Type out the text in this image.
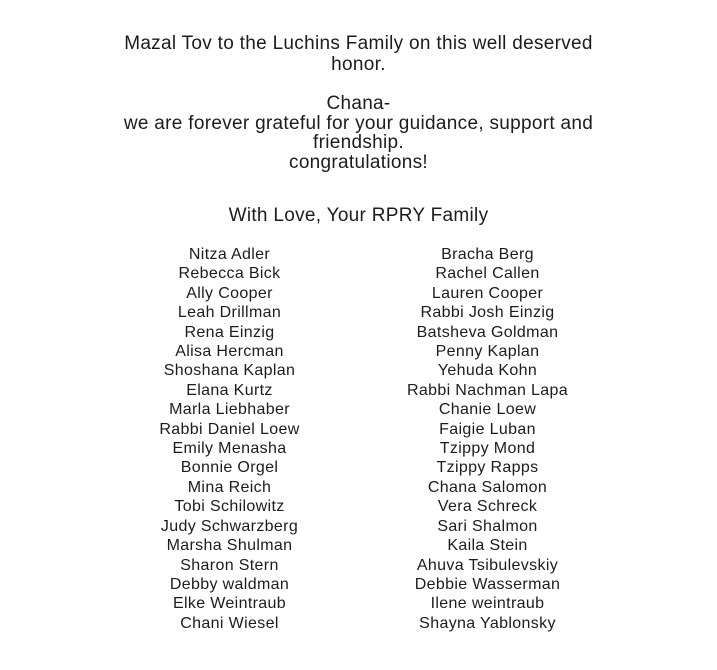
Mazal Tov to the Luchins Family on this well deserved
honor.
Chana-
we are forever grateful for your guidance, support and
friendship.
congratulations!
With Love, Your RPRY Family
Nitza Adler
Rebecca Bick
Ally Cooper
Leah Drillman
Rena Einzig
Alisa Hercman
Shoshana Kaplan
Elana Kurtz
Marla Liebhaber
Rabbi Daniel Loew
Emily Menasha
Bonnie Orgel
Mina Reich
Tobi Schilowitz
Judy Schwarzberg
Marsha Shulman
Sharon Stern
Debby waldman
Elke Weintraub
Chani Wiesel
Bracha Berg
Rachel Callen
Lauren Cooper
Rabbi Josh Einzig
Batsheva Goldman
Penny Kaplan
Yehuda Kohn
Rabbi Nachman Lapa
Chanie Loew
Faigie Luban
Tzippy Mond
Tzippy Rapps
Chana Salomon
Vera Schreck
Sari Shalmon
Kaila Stein
Ahuva Tsibulevskiy
Debbie Wasserman
Ilene weintraub
Shayna Yablonsky
